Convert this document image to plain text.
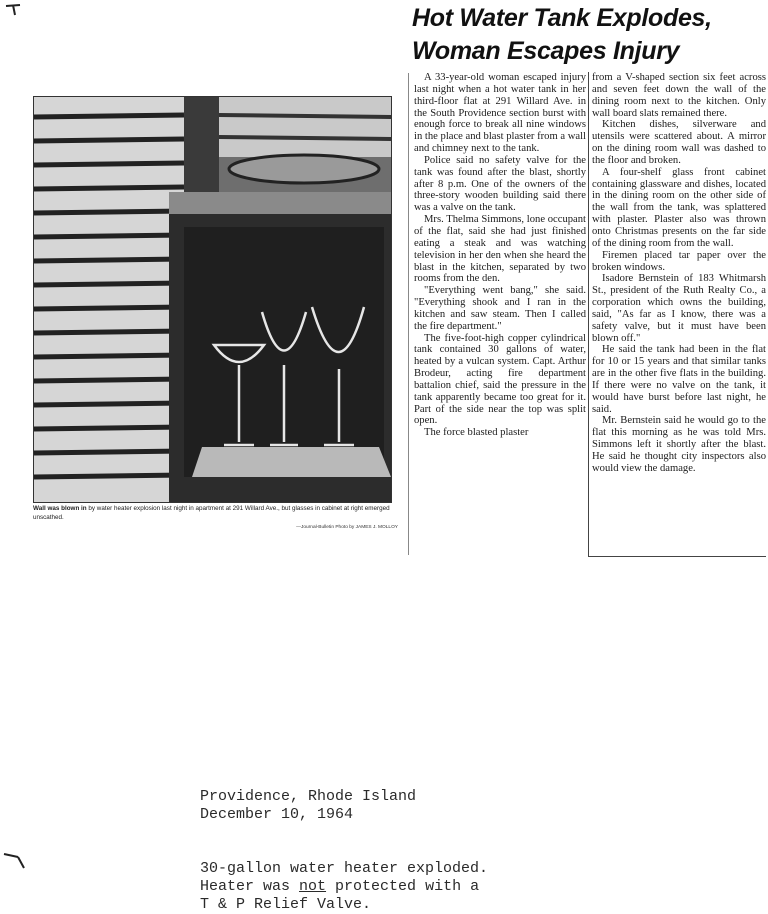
Hot Water Tank Explodes,
Woman Escapes Injury
Wall was blown in by water heater explosion last night in apartment at 291 Willard Ave., but glasses in cabinet at right emerged unscathed.
—Journal-Bulletin Photo by JAMES J. MOLLOY

A 33-year-old woman escaped injury last night when a hot water tank in her third-floor flat at 291 Willard Ave. in the South Providence section burst with enough force to break all nine windows in the place and blast plaster from a wall and chimney next to the tank.

Police said no safety valve for the tank was found after the blast, shortly after 8 p.m. One of the owners of the three-story wooden building said there was a valve on the tank.

Mrs. Thelma Simmons, lone occupant of the flat, said she had just finished eating a steak and was watching television in her den when she heard the blast in the kitchen, separated by two rooms from the den.

"Everything went bang," she said. "Everything shook and I ran in the kitchen and saw steam. Then I called the fire department."

The five-foot-high copper cylindrical tank contained 30 gallons of water, heated by a vulcan system. Capt. Arthur Brodeur, acting fire department battalion chief, said the pressure in the tank apparently became too great for it. Part of the side near the top was split open.

The force blasted plaster

from a V-shaped section six feet across and seven feet down the wall of the dining room next to the kitchen. Only wall board slats remained there.

Kitchen dishes, silverware and utensils were scattered about. A mirror on the dining room wall was dashed to the floor and broken.

A four-shelf glass front cabinet containing glassware and dishes, located in the dining room on the other side of the wall from the tank, was splattered with plaster. Plaster also was thrown onto Christmas presents on the far side of the dining room from the wall.

Firemen placed tar paper over the broken windows.

Isadore Bernstein of 183 Whitmarsh St., president of the Ruth Realty Co., a corporation which owns the building, said, "As far as I know, there was a safety valve, but it must have been blown off."

He said the tank had been in the flat for 10 or 15 years and that similar tanks are in the other five flats in the building. If there were no valve on the tank, it would have burst before last night, he said.

Mr. Bernstein said he would go to the flat this morning as he was told Mrs. Simmons left it shortly after the blast. He said he thought city inspectors also would view the damage.

Providence, Rhode Island
December 10, 1964
30-gallon water heater exploded.
Heater was not protected with a
T & P Relief Valve.
